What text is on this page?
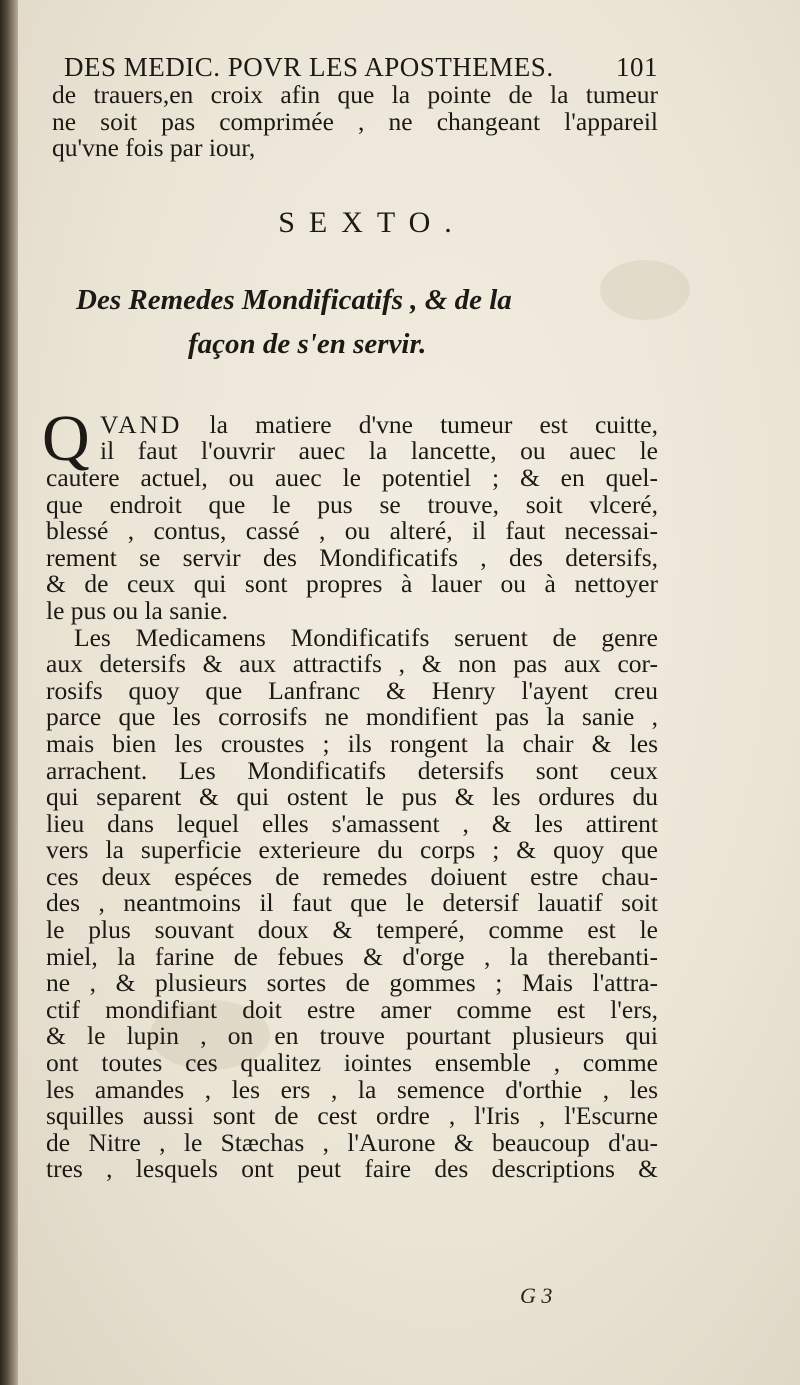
DES MEDIC. POVR LES APOSTHEMES. 101
de trauers,en croix afin que la pointe de la tumeur
ne soit pas comprimée , ne changeant l'appareil
qu'vne fois par iour,
SEXTO.
Des Remedes Mondificatifs , & de la
façon de s'en servir.
Q VAND la matiere d'vne tumeur est cuitte,
il faut l'ouvrir auec la lancette, ou auec le
cautere actuel, ou auec le potentiel ; & en quel-
que endroit que le pus se trouve, soit vlceré,
blessé , contus, cassé , ou alteré, il faut necessai-
rement se servir des Mondificatifs , des detersifs,
& de ceux qui sont propres à lauer ou à nettoyer
le pus ou la sanie.
Les Medicamens Mondificatifs seruent de genre
aux detersifs & aux attractifs , & non pas aux cor-
rosifs quoy que Lanfranc & Henry l'ayent creu
parce que les corrosifs ne mondifient pas la sanie ,
mais bien les croustes ; ils rongent la chair & les
arrachent. Les Mondificatifs detersifs sont ceux
qui separent & qui ostent le pus & les ordures du
lieu dans lequel elles s'amassent , & les attirent
vers la superficie exterieure du corps ; & quoy que
ces deux espéces de remedes doiuent estre chau-
des , neantmoins il faut que le detersif lauatif soit
le plus souvant doux & temperé, comme est le
miel, la farine de febues & d'orge , la therebanti-
ne , & plusieurs sortes de gommes ; Mais l'attra-
ctif mondifiant doit estre amer comme est l'ers,
& le lupin , on en trouve pourtant plusieurs qui
ont toutes ces qualitez iointes ensemble , comme
les amandes , les ers , la semence d'orthie , les
squilles aussi sont de cest ordre , l'Iris , l'Escurne
de Nitre , le Stæchas , l'Aurone & beaucoup d'au-
tres , lesquels ont peut faire des descriptions &
G 3
